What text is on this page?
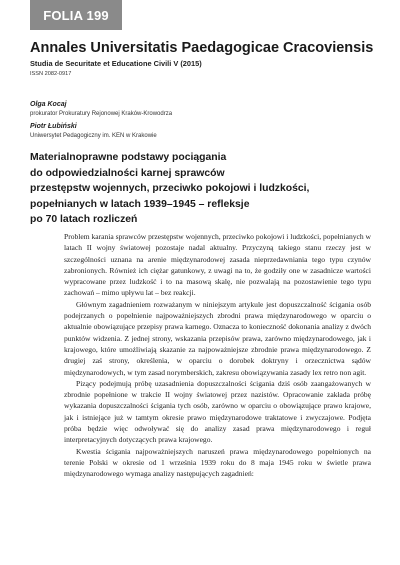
FOLIA 199
Annales Universitatis Paedagogicae Cracoviensis
Studia de Securitate et Educatione Civili V (2015)
ISSN 2082-0917
Olga Kocaj
prokurator Prokuratury Rejonowej Kraków-Krowodrza
Piotr Łubiński
Uniwersytet Pedagogiczny im. KEN w Krakowie
Materialnoprawne podstawy pociągania
do odpowiedzialności karnej sprawców
przestępstw wojennych, przeciwko pokojowi i ludzkości,
popełnianych w latach 1939–1945 – refleksje
po 70 latach rozliczeń

Problem karania sprawców przestępstw wojennych, przeciwko pokojowi i ludzkości, popełnianych w latach II wojny światowej pozostaje nadal aktualny. Przyczyną takiego stanu rzeczy jest w szczególności uznana na arenie międzynarodowej zasada nieprzedawniania tego typu czynów zabronionych. Również ich ciężar gatunkowy, z uwagi na to, że godziły one w zasadnicze wartości wypracowane przez ludzkość i to na masową skalę, nie pozwalają na pozostawienie tego typu zachowań – mimo upływu lat – bez reakcji.

Głównym zagadnieniem rozważanym w niniejszym artykule jest dopuszczalność ścigania osób podejrzanych o popełnienie najpoważniejszych zbrodni prawa międzynarodowego w oparciu o aktualnie obowiązujące przepisy prawa karnego. Oznacza to konieczność dokonania analizy z dwóch punktów widzenia. Z jednej strony, wskazania przepisów prawa, zarówno międzynarodowego, jak i krajowego, które umożliwiają skazanie za najpoważniejsze zbrodnie prawa międzynarodowego. Z drugiej zaś strony, określenia, w oparciu o dorobek doktryny i orzecznictwa sądów międzynarodowych, w tym zasad norymberskich, zakresu obowiązywania zasady lex retro non agit.

Pizący podejmują próbę uzasadnienia dopuszczalności ścigania dziś osób zaangażowanych w zbrodnie popełnione w trakcie II wojny światowej przez nazistów. Opracowanie zakłada próbę wykazania dopuszczalności ścigania tych osób, zarówno w oparciu o obowiązujące prawo krajowe, jak i istniejące już w tamtym okresie prawo międzynarodowe traktatowe i zwyczajowe. Podjęta próba będzie więc odwoływać się do analizy zasad prawa międzynarodowego i reguł interpretacyjnych dotyczących prawa krajowego.

Kwestia ścigania najpoważniejszych naruszeń prawa międzynarodowego popełnionych na terenie Polski w okresie od 1 września 1939 roku do 8 maja 1945 roku w świetle prawa międzynarodowego wymaga analizy następujących zagadnień:
